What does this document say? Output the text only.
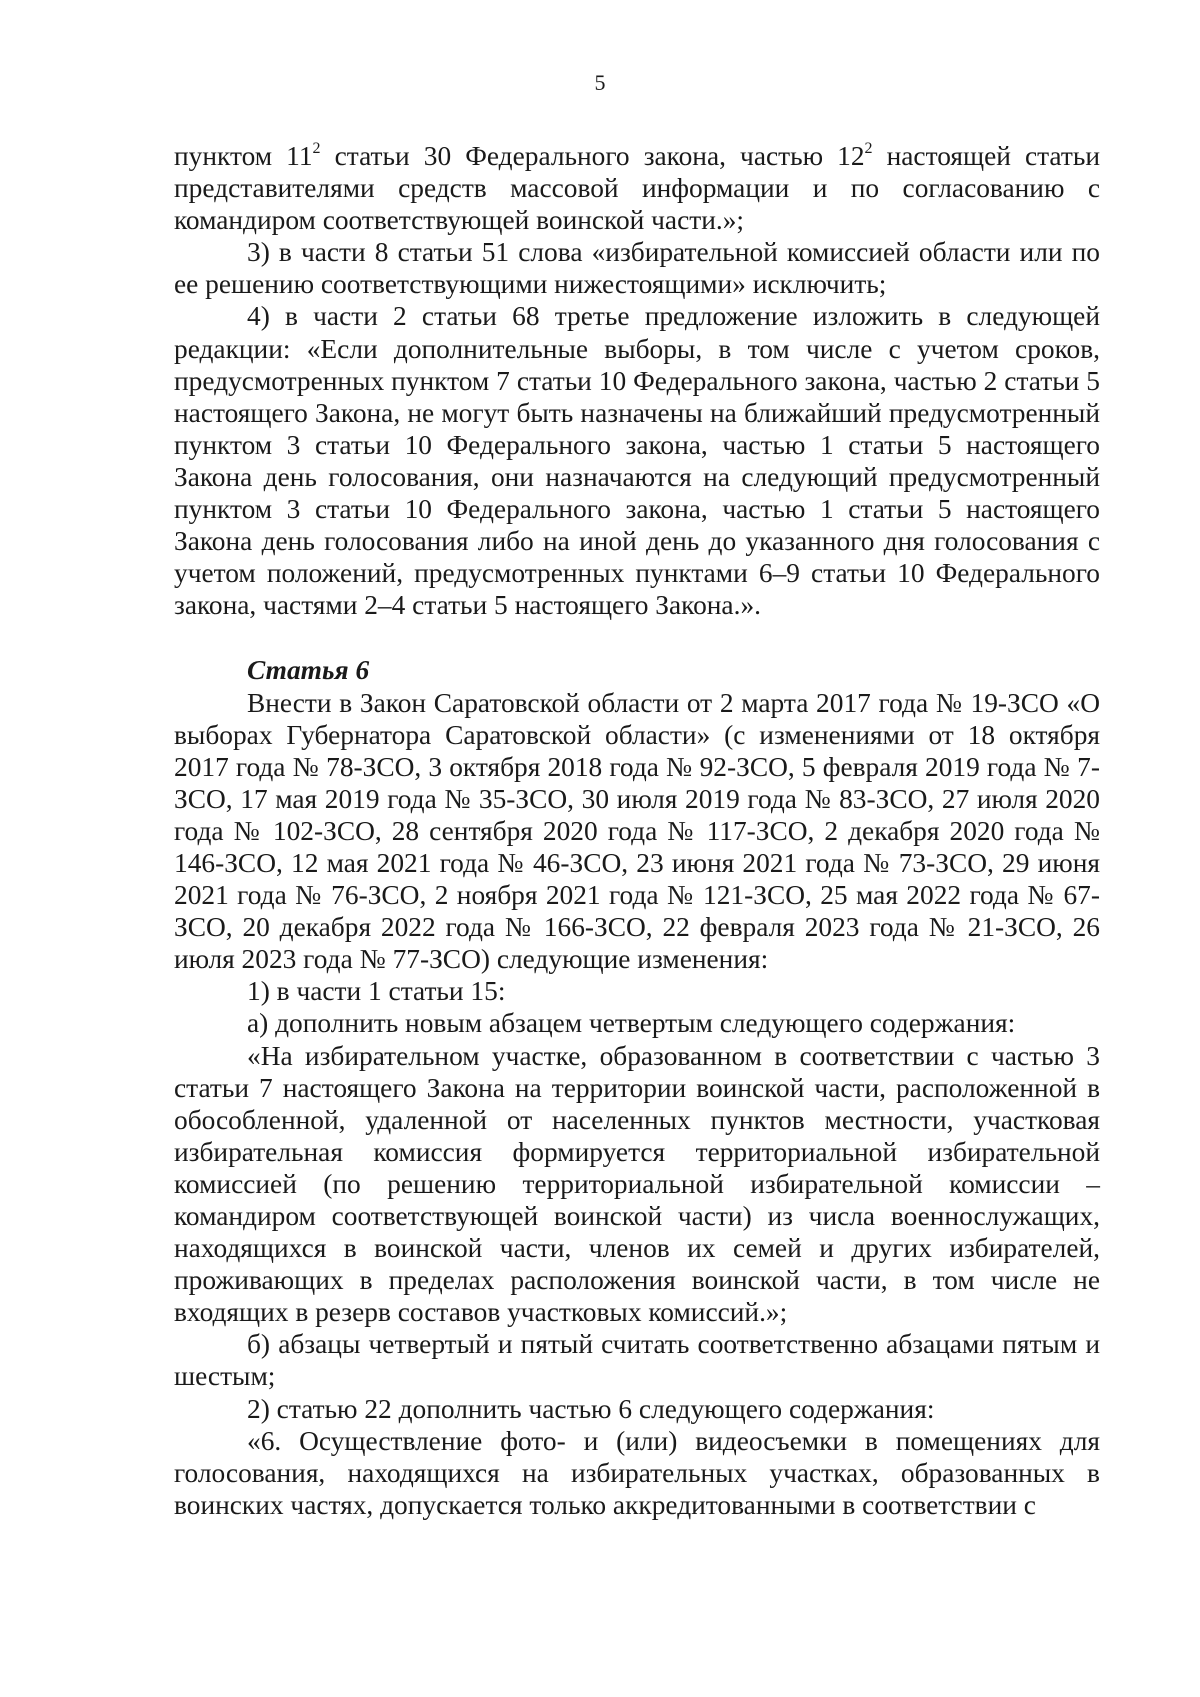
5

пунктом $11^2$ статьи 30 Федерального закона, частью $12^2$ настоящей статьи представителями средств массовой информации и по согласованию с командиром соответствующей воинской части.»;

3) в части 8 статьи 51 слова «избирательной комиссией области или по ее решению соответствующими нижестоящими» исключить;

4) в части 2 статьи 68 третье предложение изложить в следующей редакции: «Если дополнительные выборы, в том числе с учетом сроков, предусмотренных пунктом 7 статьи 10 Федерального закона, частью 2 статьи 5 настоящего Закона, не могут быть назначены на ближайший предусмотренный пунктом 3 статьи 10 Федерального закона, частью 1 статьи 5 настоящего Закона день голосования, они назначаются на следующий предусмотренный пунктом 3 статьи 10 Федерального закона, частью 1 статьи 5 настоящего Закона день голосования либо на иной день до указанного дня голосования с учетом положений, предусмотренных пунктами 6–9 статьи 10 Федерального закона, частями 2–4 статьи 5 настоящего Закона.».

Статья 6

Внести в Закон Саратовской области от 2 марта 2017 года № 19-ЗСО «О выборах Губернатора Саратовской области» (с изменениями от 18 октября 2017 года № 78-ЗСО, 3 октября 2018 года № 92-ЗСО, 5 февраля 2019 года № 7-ЗСО, 17 мая 2019 года № 35-ЗСО, 30 июля 2019 года № 83-ЗСО, 27 июля 2020 года № 102-ЗСО, 28 сентября 2020 года № 117-ЗСО, 2 декабря 2020 года № 146-ЗСО, 12 мая 2021 года № 46-ЗСО, 23 июня 2021 года № 73-ЗСО, 29 июня 2021 года № 76-ЗСО, 2 ноября 2021 года № 121-ЗСО, 25 мая 2022 года № 67-ЗСО, 20 декабря 2022 года № 166-ЗСО, 22 февраля 2023 года № 21-ЗСО, 26 июля 2023 года № 77-ЗСО) следующие изменения:

1) в части 1 статьи 15:

а) дополнить новым абзацем четвертым следующего содержания:

«На избирательном участке, образованном в соответствии с частью 3 статьи 7 настоящего Закона на территории воинской части, расположенной в обособленной, удаленной от населенных пунктов местности, участковая избирательная комиссия формируется территориальной избирательной комиссией (по решению территориальной избирательной комиссии – командиром соответствующей воинской части) из числа военнослужащих, находящихся в воинской части, членов их семей и других избирателей, проживающих в пределах расположения воинской части, в том числе не входящих в резерв составов участковых комиссий.»;

б) абзацы четвертый и пятый считать соответственно абзацами пятым и шестым;

2) статью 22 дополнить частью 6 следующего содержания:

«6. Осуществление фото- и (или) видеосъемки в помещениях для голосования, находящихся на избирательных участках, образованных в воинских частях, допускается только аккредитованными в соответствии с
